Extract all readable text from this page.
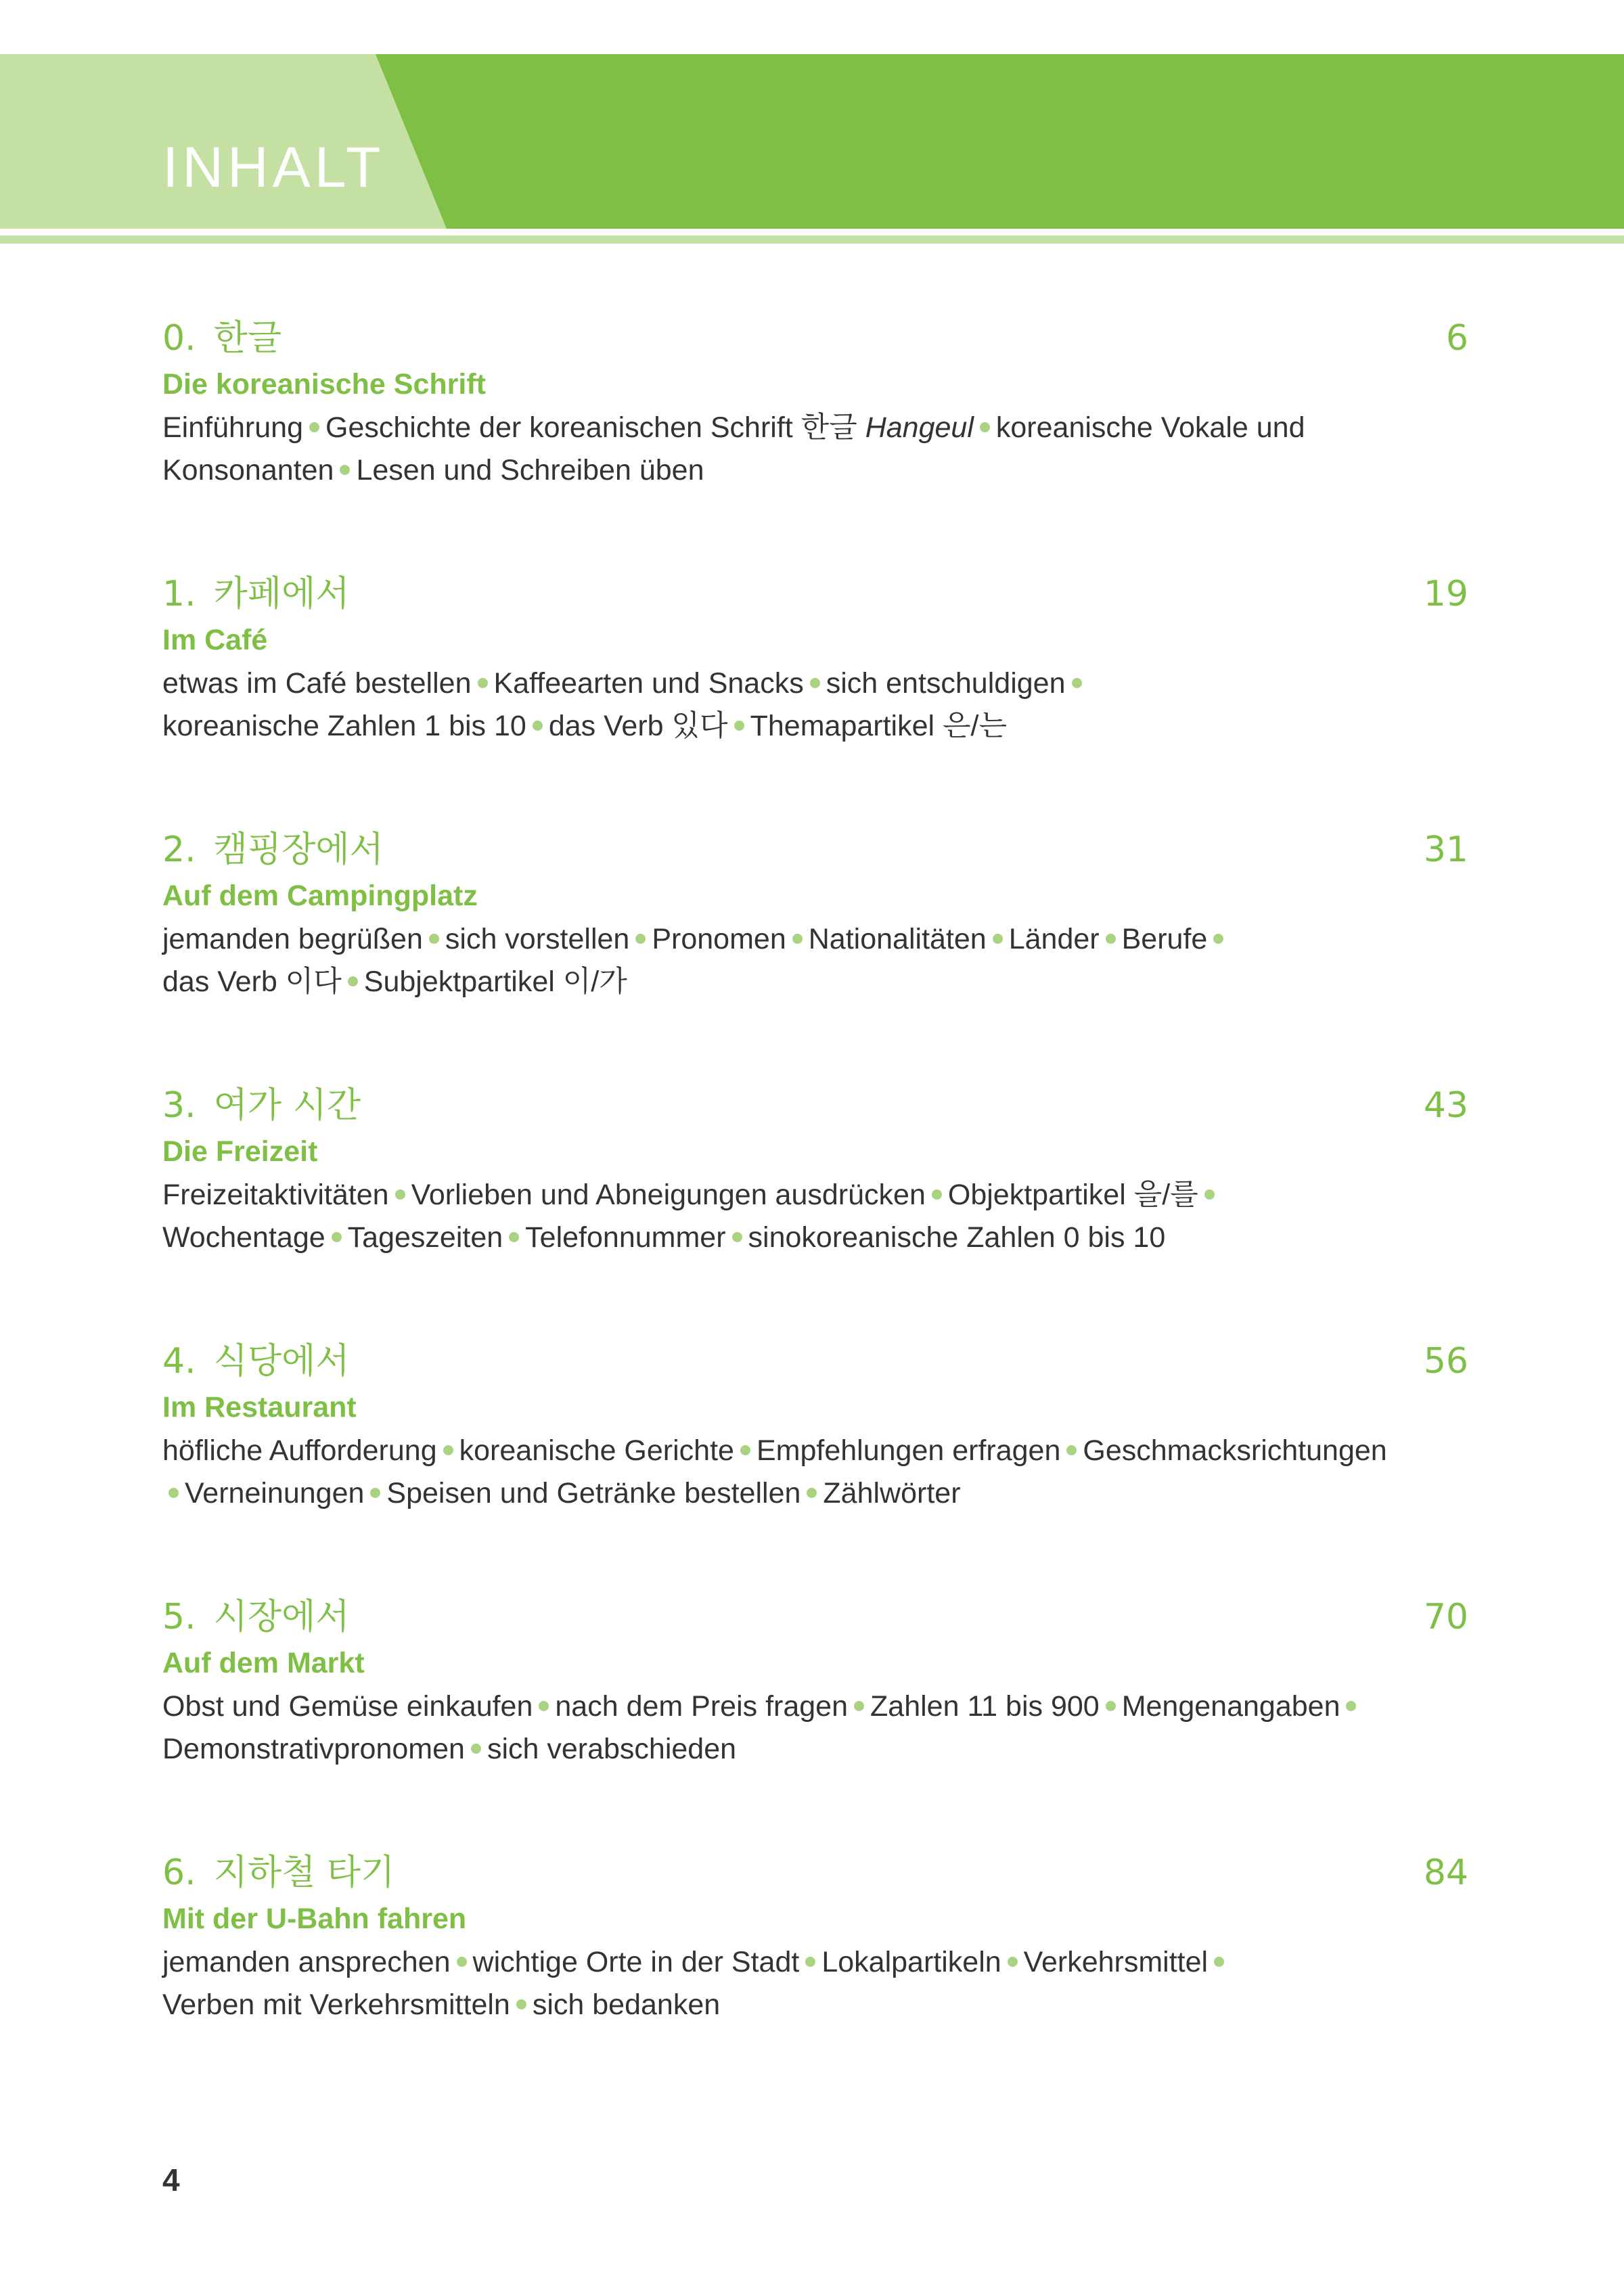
INHALT
0. 한글	6
Die koreanische Schrift
Einführung Geschichte der koreanischen Schrift 한글 Hangeul koreanische Vokale und
Konsonanten Lesen und Schreiben üben
1. 카페에서	19
Im Café
etwas im Café bestellen Kaffeearten und Snacks sich entschuldigen
koreanische Zahlen 1 bis 10 das Verb 있다 Themapartikel 은/는
2. 캠핑장에서	31
Auf dem Campingplatz
jemanden begrüßen sich vorstellen Pronomen Nationalitäten Länder Berufe
das Verb 이다 Subjektpartikel 이/가
3. 여가 시간	43
Die Freizeit
Freizeitaktivitäten Vorlieben und Abneigungen ausdrücken Objektpartikel 을/를
Wochentage Tageszeiten Telefonnummer sinokoreanische Zahlen 0 bis 10
4. 식당에서	56
Im Restaurant
höfliche Aufforderung koreanische Gerichte Empfehlungen erfragen Geschmacksrichtungen
Verneinungen Speisen und Getränke bestellen Zählwörter
5. 시장에서	70
Auf dem Markt
Obst und Gemüse einkaufen nach dem Preis fragen Zahlen 11 bis 900 Mengenangaben
Demonstrativpronomen sich verabschieden
6. 지하철 타기	84
Mit der U-Bahn fahren
jemanden ansprechen wichtige Orte in der Stadt Lokalpartikeln Verkehrsmittel
Verben mit Verkehrsmitteln sich bedanken
4
